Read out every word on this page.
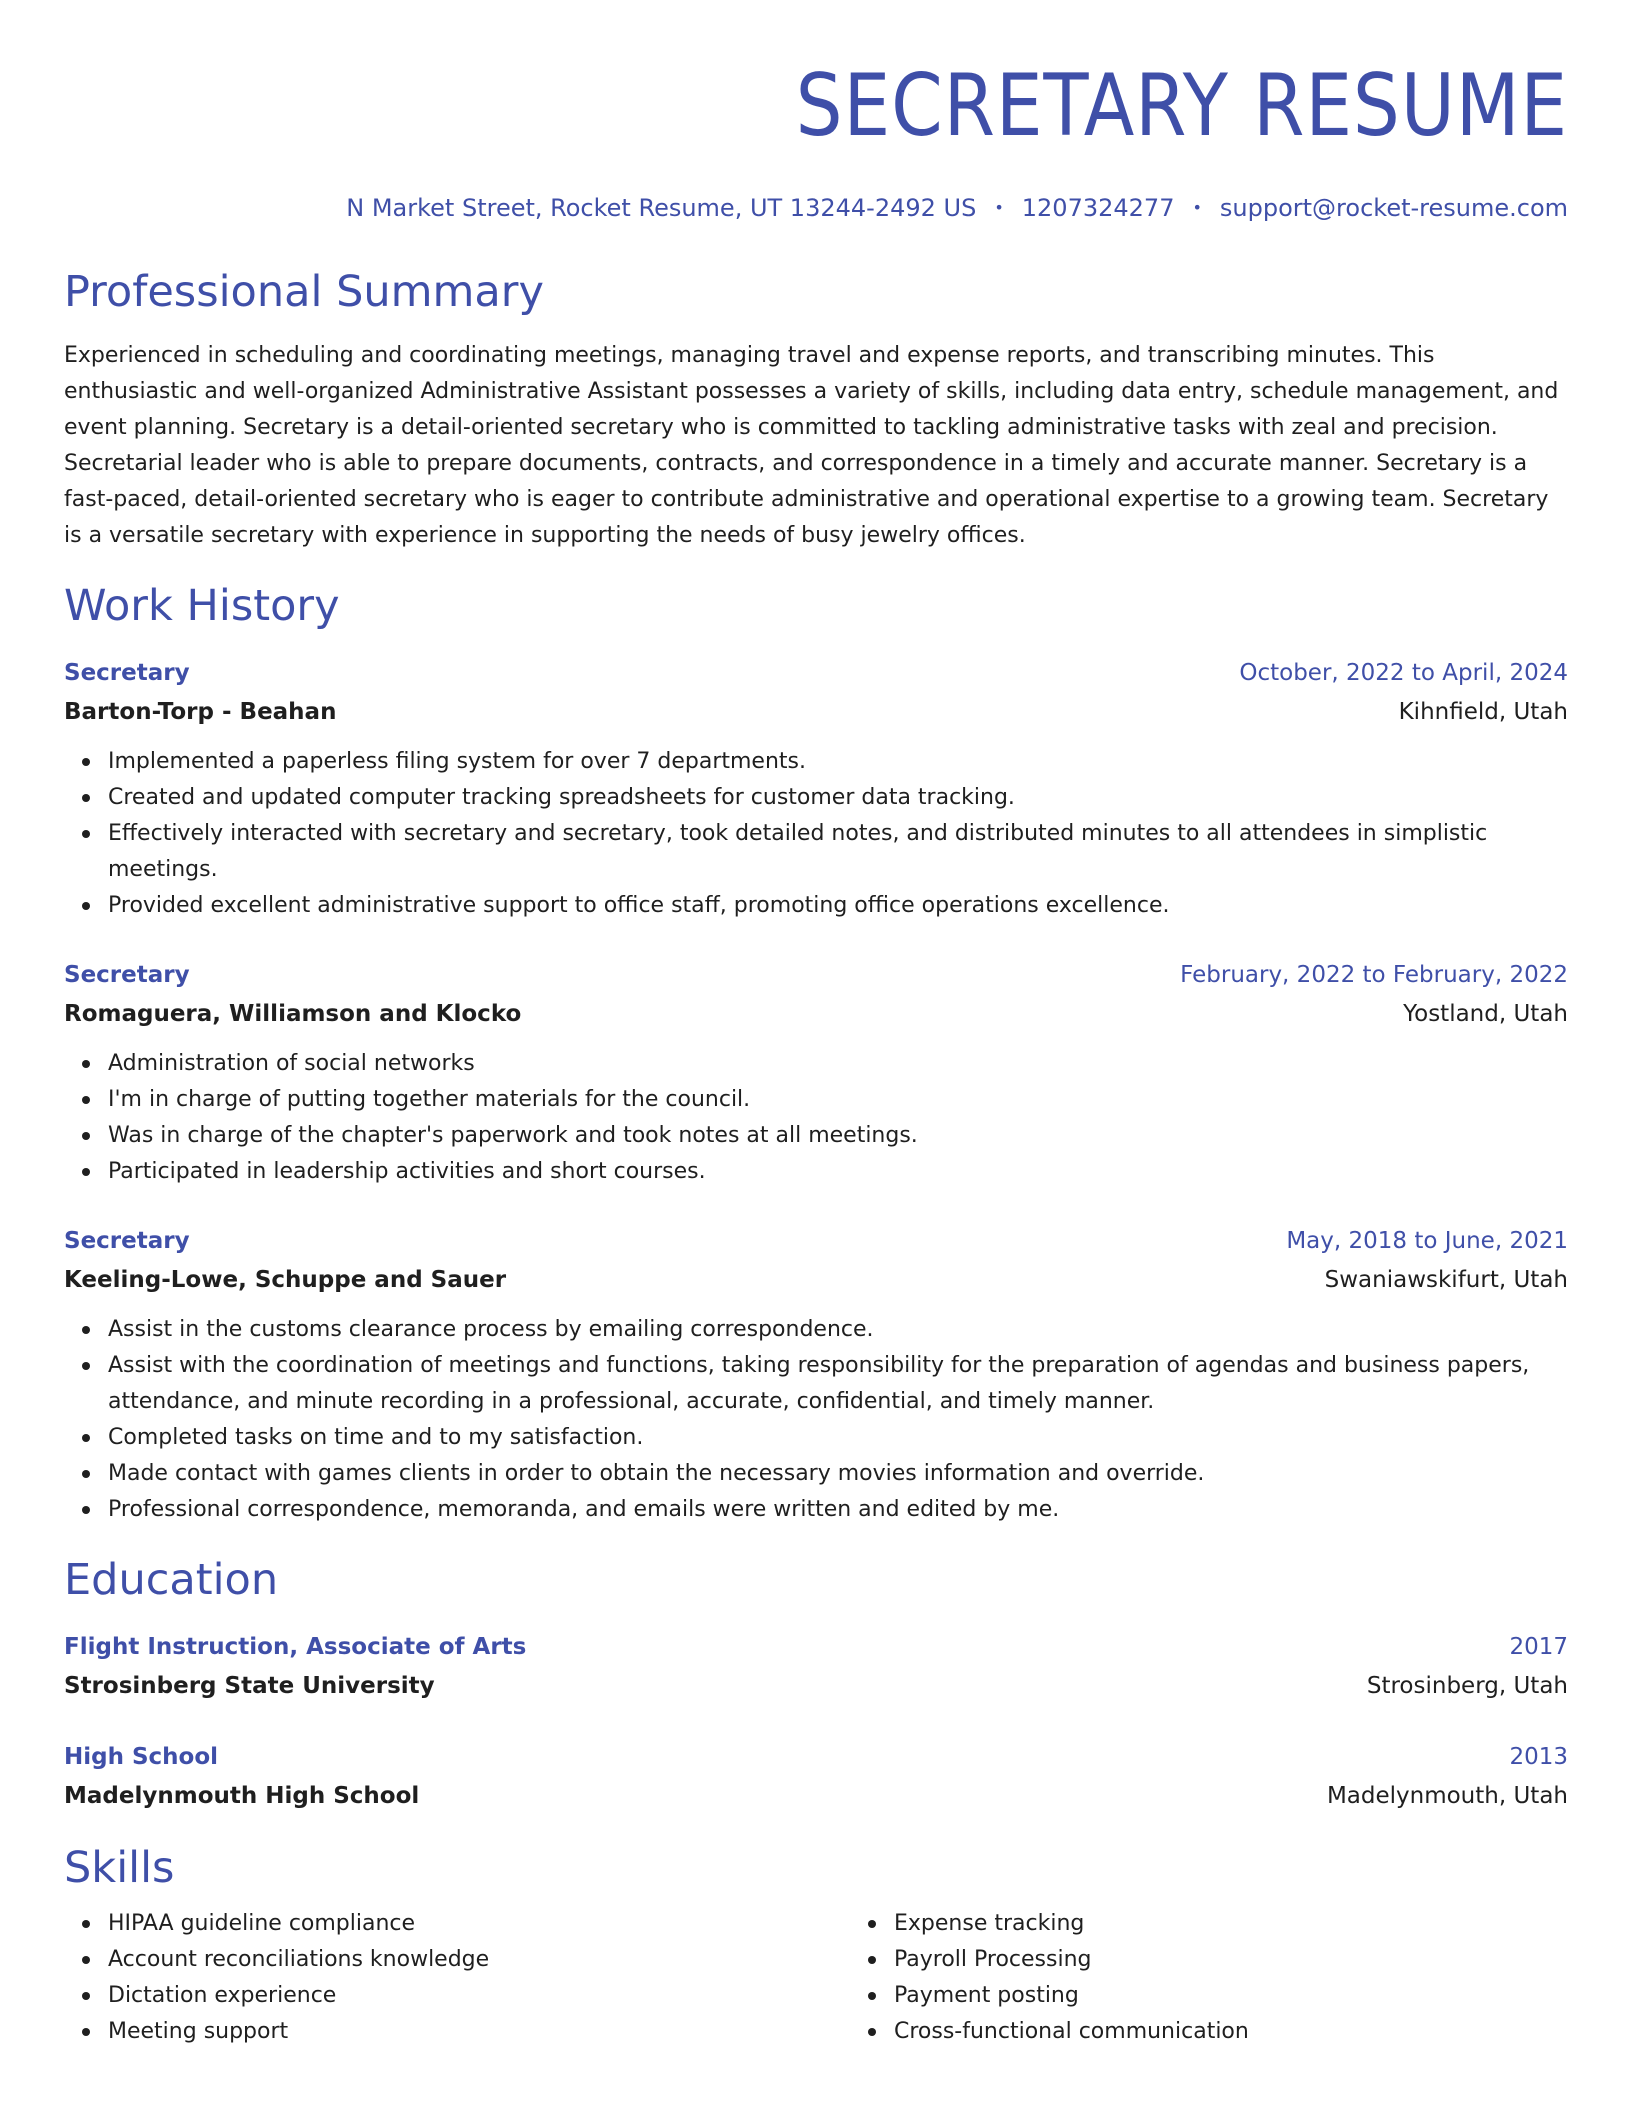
SECRETARY RESUME
N Market Street, Rocket Resume, UT 13244-2492 US • 1207324277 • support@rocket-resume.com
Professional Summary
Experienced in scheduling and coordinating meetings, managing travel and expense reports, and transcribing minutes. This enthusiastic and well-organized Administrative Assistant possesses a variety of skills, including data entry, schedule management, and event planning. Secretary is a detail-oriented secretary who is committed to tackling administrative tasks with zeal and precision. Secretarial leader who is able to prepare documents, contracts, and correspondence in a timely and accurate manner. Secretary is a fast-paced, detail-oriented secretary who is eager to contribute administrative and operational expertise to a growing team. Secretary is a versatile secretary with experience in supporting the needs of busy jewelry offices.
Work History
Secretary	October, 2022 to April, 2024
Barton-Torp - Beahan	Kihnfield, Utah
Implemented a paperless filing system for over 7 departments.
Created and updated computer tracking spreadsheets for customer data tracking.
Effectively interacted with secretary and secretary, took detailed notes, and distributed minutes to all attendees in simplistic meetings.
Provided excellent administrative support to office staff, promoting office operations excellence.
Secretary	February, 2022 to February, 2022
Romaguera, Williamson and Klocko	Yostland, Utah
Administration of social networks
I'm in charge of putting together materials for the council.
Was in charge of the chapter's paperwork and took notes at all meetings.
Participated in leadership activities and short courses.
Secretary	May, 2018 to June, 2021
Keeling-Lowe, Schuppe and Sauer	Swaniawskifurt, Utah
Assist in the customs clearance process by emailing correspondence.
Assist with the coordination of meetings and functions, taking responsibility for the preparation of agendas and business papers, attendance, and minute recording in a professional, accurate, confidential, and timely manner.
Completed tasks on time and to my satisfaction.
Made contact with games clients in order to obtain the necessary movies information and override.
Professional correspondence, memoranda, and emails were written and edited by me.
Education
Flight Instruction, Associate of Arts	2017
Strosinberg State University	Strosinberg, Utah
High School	2013
Madelynmouth High School	Madelynmouth, Utah
Skills
HIPAA guideline compliance
Account reconciliations knowledge
Dictation experience
Meeting support
Expense tracking
Payroll Processing
Payment posting
Cross-functional communication
